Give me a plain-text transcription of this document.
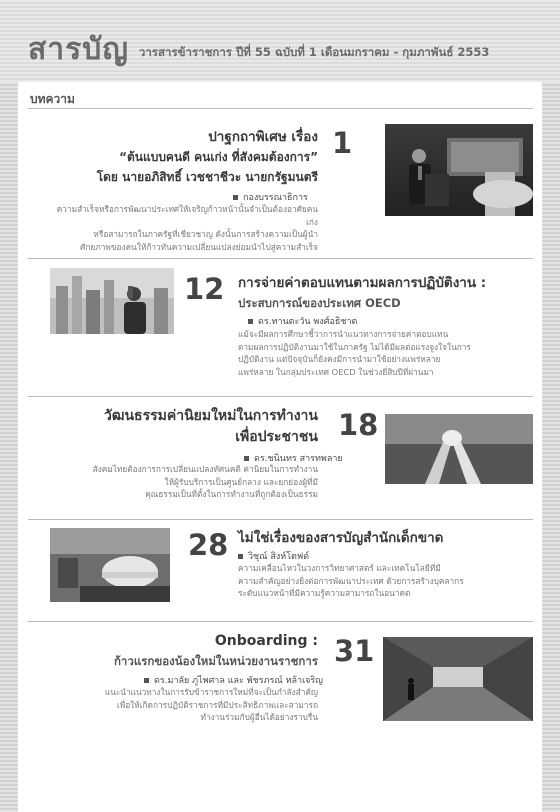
สารบัญ วารสารข้าราชการ ปีที่ 55 ฉบับที่ 1 เดือนมกราคม - กุมภาพันธ์ 2553
บทความ
ปาฐกถาพิเศษ เรื่อง
“ต้นแบบคนดี คนเก่ง ที่สังคมต้องการ”
โดย นายอภิสิทธิ์ เวชชาชีวะ นายกรัฐมนตรี
1
กองบรรณาธิการ
ความสำเร็จหรือการพัฒนาประเทศให้เจริญก้าวหน้านั้นจำเป็นต้องอาศัยคนเก่ง
หรือสามารถในภาครัฐที่เชี่ยวชาญ ดังนั้นการสร้างความเป็นผู้นำ
ศักยภาพของคนให้ก้าวทันความเปลี่ยนแปลงย่อมนำไปสู่ความสำเร็จ
12 การจ่ายค่าตอบแทนตามผลการปฏิบัติงาน :
ประสบการณ์ของประเทศ OECD
ดร.ทานตะวัน พงศ์อธิชาต
แม้จะมีผลการศึกษาชี้ว่าการนำแนวทางการจ่ายค่าตอบแทน
ตามผลการปฏิบัติงานมาใช้ในภาครัฐ ไม่ได้มีผลต่อแรงจูงใจในการ
ปฏิบัติงาน แต่ปัจจุบันก็ยังคงมีการนำมาใช้อย่างแพร่หลาย
แพร่หลาย ในกลุ่มประเทศ OECD ในช่วงยี่สิบปีที่ผ่านมา
วัฒนธรรมค่านิยมใหม่ในการทำงาน
เพื่อประชาชน 18
ดร.ชนินทร สารทพลาย
สังคมไทยต้องการการเปลี่ยนแปลงทัศนคติ ค่านิยมในการทำงาน
ให้ผู้รับบริการเป็นศูนย์กลาง และยกย่องผู้ที่มี
คุณธรรมเป็นที่ตั้งในการทำงานที่ถูกต้องเป็นธรรม
28 ไม่ใช่เรื่องของสารบัญสำนักเด็กขาด
วิชุณ์ สิงห์โตฟด์
ความเคลื่อนไหวในวงการวิทยาศาสตร์ และเทคโนโลยีที่มี
ความสำคัญอย่างยิ่งต่อการพัฒนาประเทศ ด้วยการสร้างบุคลากร
ระดับแนวหน้าที่มีความรู้ความสามารถในอนาคต
Onboarding :
ก้าวแรกของน้องใหม่ในหน่วยงานราชการ 31
ดร.มาลัย ภู่ไพศาล และ พัชรภรณ์ หล้าเจริญ
แนะนำแนวทางในการรับข้าราชการใหม่ที่จะเป็นกำลังสำคัญ
เพื่อให้เกิดการปฏิบัติราชการที่มีประสิทธิภาพและสามารถ
ทำงานร่วมกับผู้อื่นได้อย่างราบรื่น
